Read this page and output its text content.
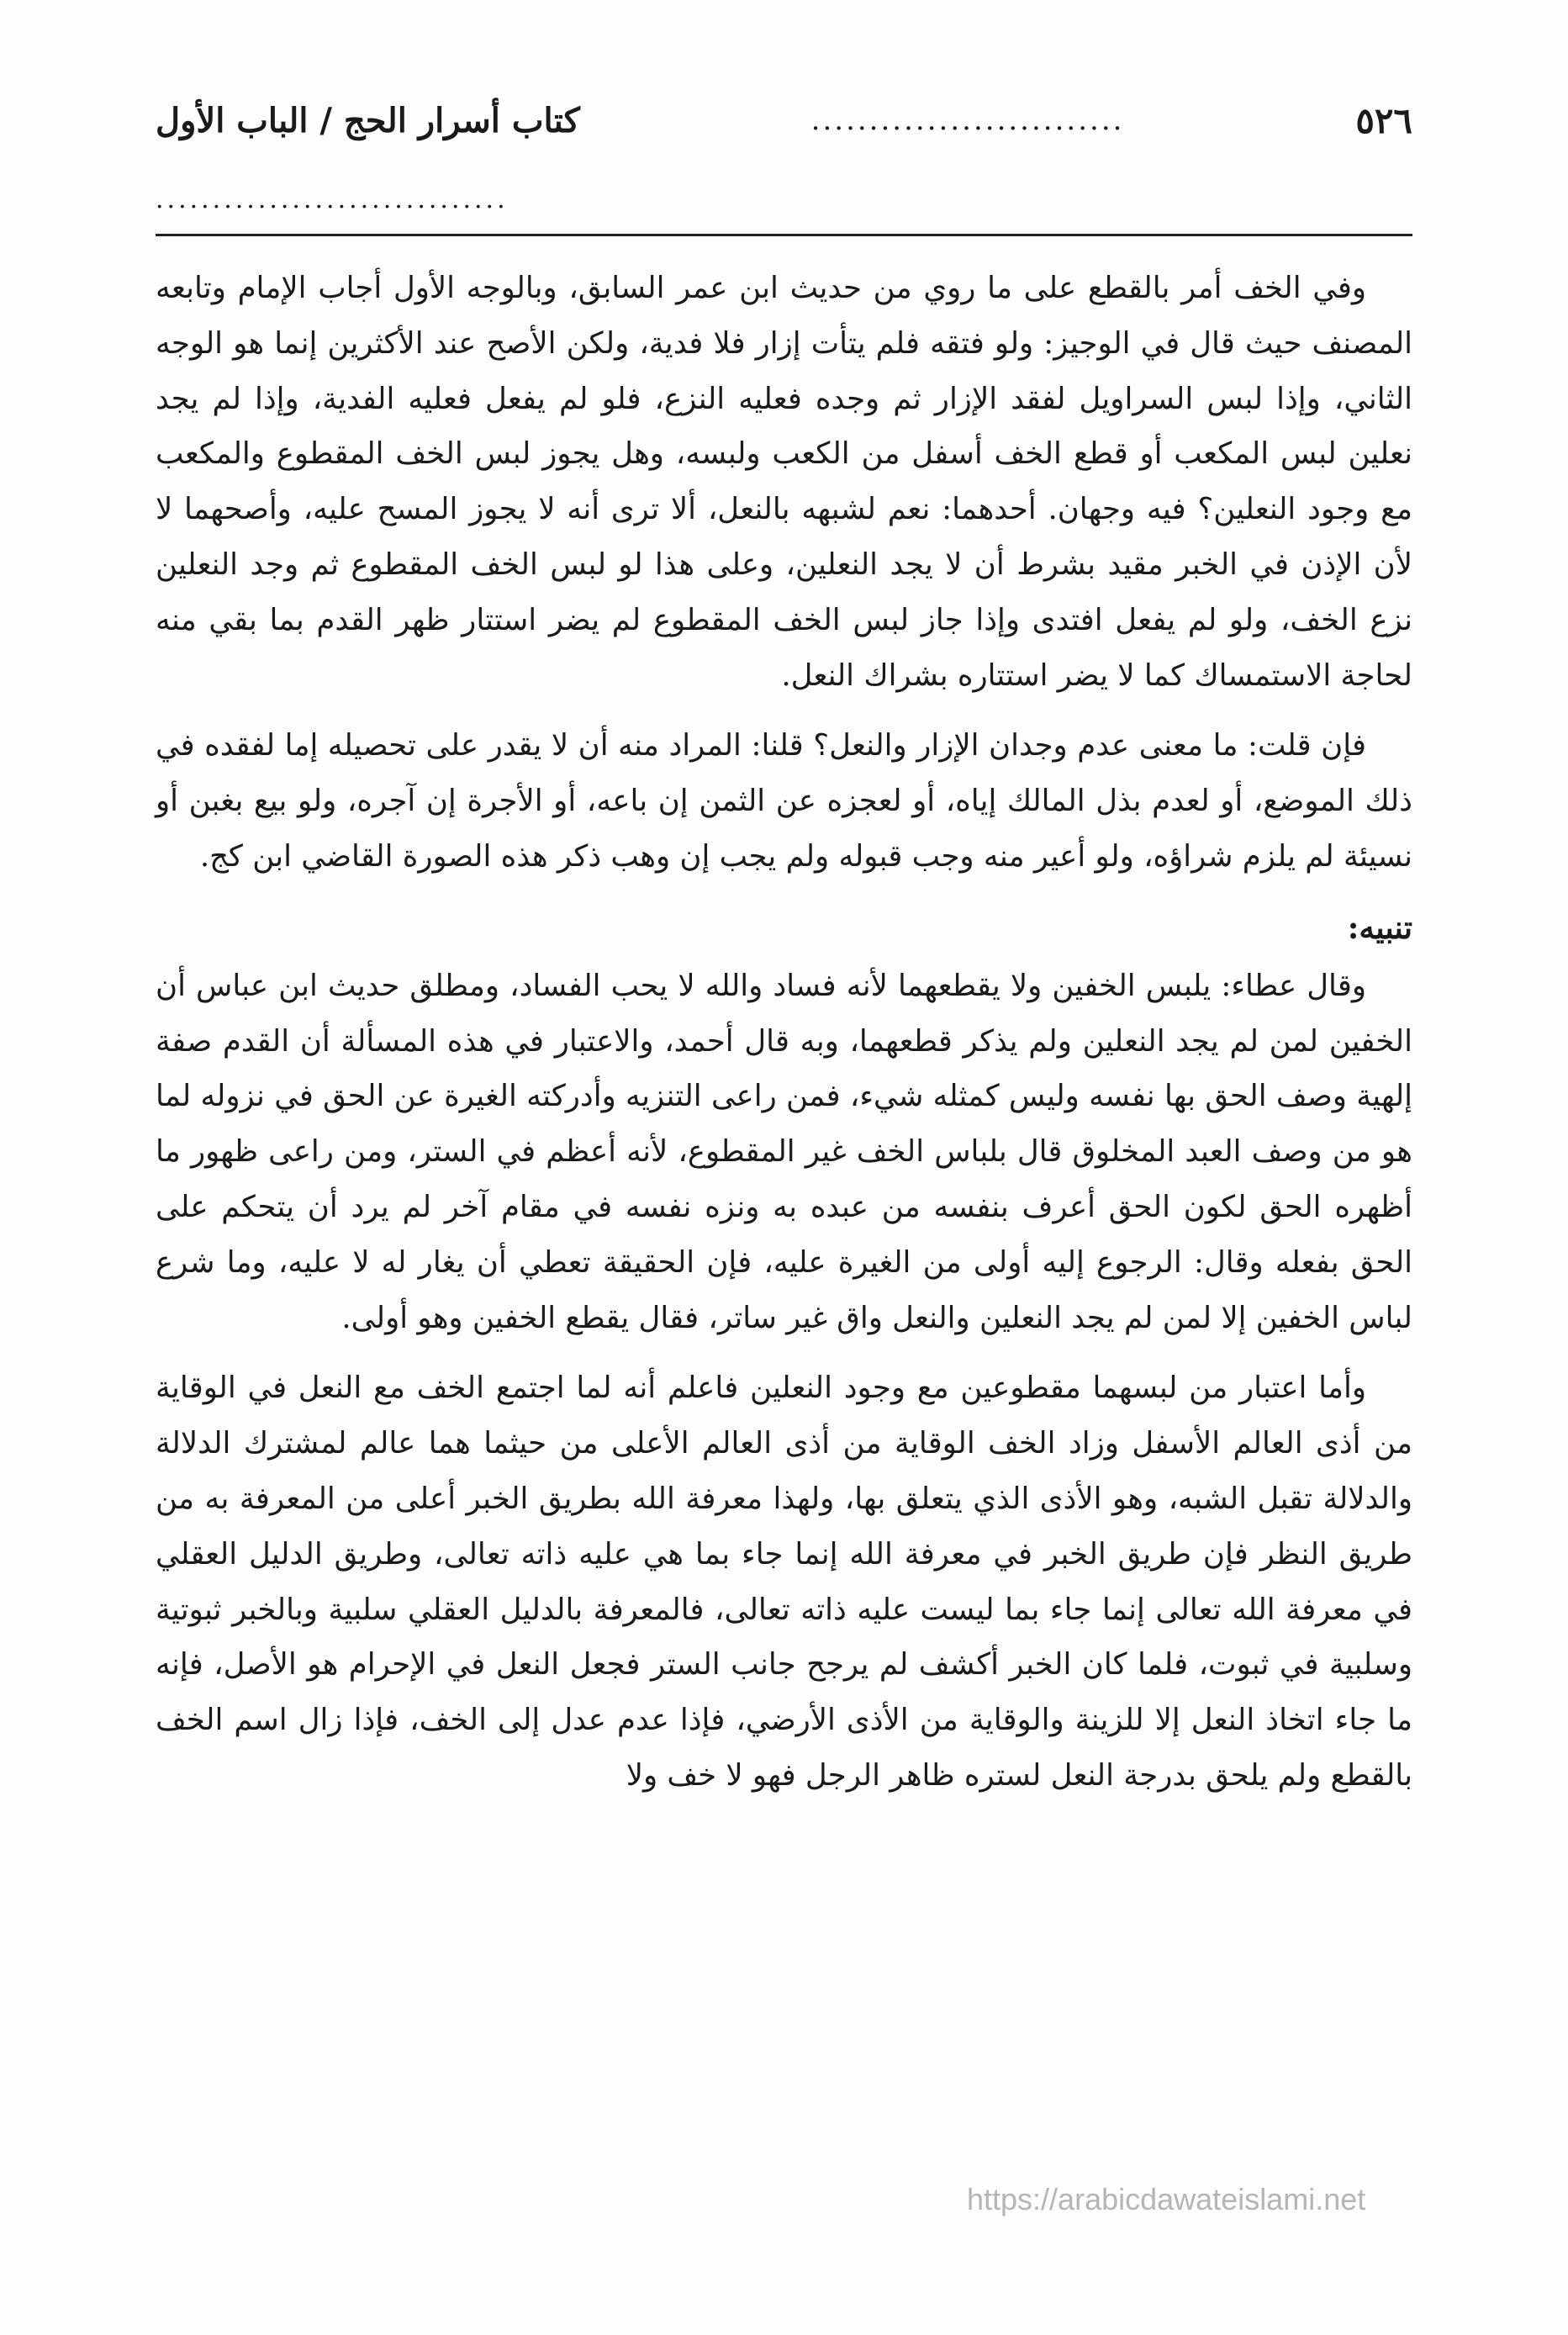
٥٢٦
...........................
كتاب أسرار الحج / الباب الأول
...............................

وفي الخف أمر بالقطع على ما روي من حديث ابن عمر السابق، وبالوجه الأول أجاب الإمام وتابعه المصنف حيث قال في الوجيز: ولو فتقه فلم يتأت إزار فلا فدية، ولكن الأصح عند الأكثرين إنما هو الوجه الثاني، وإذا لبس السراويل لفقد الإزار ثم وجده فعليه النزع، فلو لم يفعل فعليه الفدية، وإذا لم يجد نعلين لبس المكعب أو قطع الخف أسفل من الكعب ولبسه، وهل يجوز لبس الخف المقطوع والمكعب مع وجود النعلين؟ فيه وجهان. أحدهما: نعم لشبهه بالنعل، ألا ترى أنه لا يجوز المسح عليه، وأصحهما لا لأن الإذن في الخبر مقيد بشرط أن لا يجد النعلين، وعلى هذا لو لبس الخف المقطوع ثم وجد النعلين نزع الخف، ولو لم يفعل افتدى وإذا جاز لبس الخف المقطوع لم يضر استتار ظهر القدم بما بقي منه لحاجة الاستمساك كما لا يضر استتاره بشراك النعل.

فإن قلت: ما معنى عدم وجدان الإزار والنعل؟ قلنا: المراد منه أن لا يقدر على تحصيله إما لفقده في ذلك الموضع، أو لعدم بذل المالك إياه، أو لعجزه عن الثمن إن باعه، أو الأجرة إن آجره، ولو بيع بغبن أو نسيئة لم يلزم شراؤه، ولو أعير منه وجب قبوله ولم يجب إن وهب ذكر هذه الصورة القاضي ابن كج.

تنبيه:

وقال عطاء: يلبس الخفين ولا يقطعهما لأنه فساد والله لا يحب الفساد، ومطلق حديث ابن عباس أن الخفين لمن لم يجد النعلين ولم يذكر قطعهما، وبه قال أحمد، والاعتبار في هذه المسألة أن القدم صفة إلهية وصف الحق بها نفسه وليس كمثله شيء، فمن راعى التنزيه وأدركته الغيرة عن الحق في نزوله لما هو من وصف العبد المخلوق قال بلباس الخف غير المقطوع، لأنه أعظم في الستر، ومن راعى ظهور ما أظهره الحق لكون الحق أعرف بنفسه من عبده به ونزه نفسه في مقام آخر لم يرد أن يتحكم على الحق بفعله وقال: الرجوع إليه أولى من الغيرة عليه، فإن الحقيقة تعطي أن يغار له لا عليه، وما شرع لباس الخفين إلا لمن لم يجد النعلين والنعل واق غير ساتر، فقال يقطع الخفين وهو أولى.

وأما اعتبار من لبسهما مقطوعين مع وجود النعلين فاعلم أنه لما اجتمع الخف مع النعل في الوقاية من أذى العالم الأسفل وزاد الخف الوقاية من أذى العالم الأعلى من حيثما هما عالم لمشترك الدلالة والدلالة تقبل الشبه، وهو الأذى الذي يتعلق بها، ولهذا معرفة الله بطريق الخبر أعلى من المعرفة به من طريق النظر فإن طريق الخبر في معرفة الله إنما جاء بما هي عليه ذاته تعالى، وطريق الدليل العقلي في معرفة الله تعالى إنما جاء بما ليست عليه ذاته تعالى، فالمعرفة بالدليل العقلي سلبية وبالخبر ثبوتية وسلبية في ثبوت، فلما كان الخبر أكشف لم يرجح جانب الستر فجعل النعل في الإحرام هو الأصل، فإنه ما جاء اتخاذ النعل إلا للزينة والوقاية من الأذى الأرضي، فإذا عدم عدل إلى الخف، فإذا زال اسم الخف بالقطع ولم يلحق بدرجة النعل لستره ظاهر الرجل فهو لا خف ولا

https://arabicdawateislami.net
